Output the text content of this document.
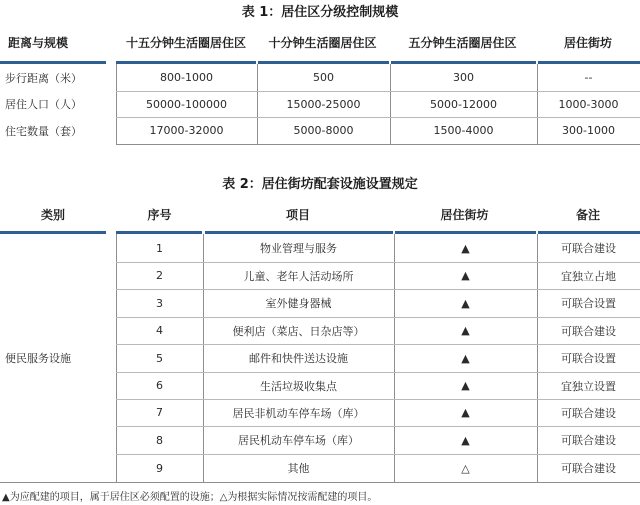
表 1：居住区分级控制规模
距离与规模	十五分钟生活圈居住区	十分钟生活圈居住区	五分钟生活圈居住区	居住街坊
步行距离（米）	800-1000	500	300	--
居住人口（人）	50000-100000	15000-25000	5000-12000	1000-3000
住宅数量（套）	17000-32000	5000-8000	1500-4000	300-1000
表 2：居住街坊配套设施设置规定
类别	序号	项目	居住街坊	备注
便民服务设施
1	物业管理与服务	▲	可联合建设
2	儿童、老年人活动场所	▲	宜独立占地
3	室外健身器械	▲	可联合设置
4	便利店（菜店、日杂店等）	▲	可联合建设
5	邮件和快件送达设施	▲	可联合设置
6	生活垃圾收集点	▲	宜独立设置
7	居民非机动车停车场（库）	▲	可联合建设
8	居民机动车停车场（库）	▲	可联合建设
9	其他	△	可联合建设
▲为应配建的项目，属于居住区必须配置的设施；△为根据实际情况按需配建的项目。
